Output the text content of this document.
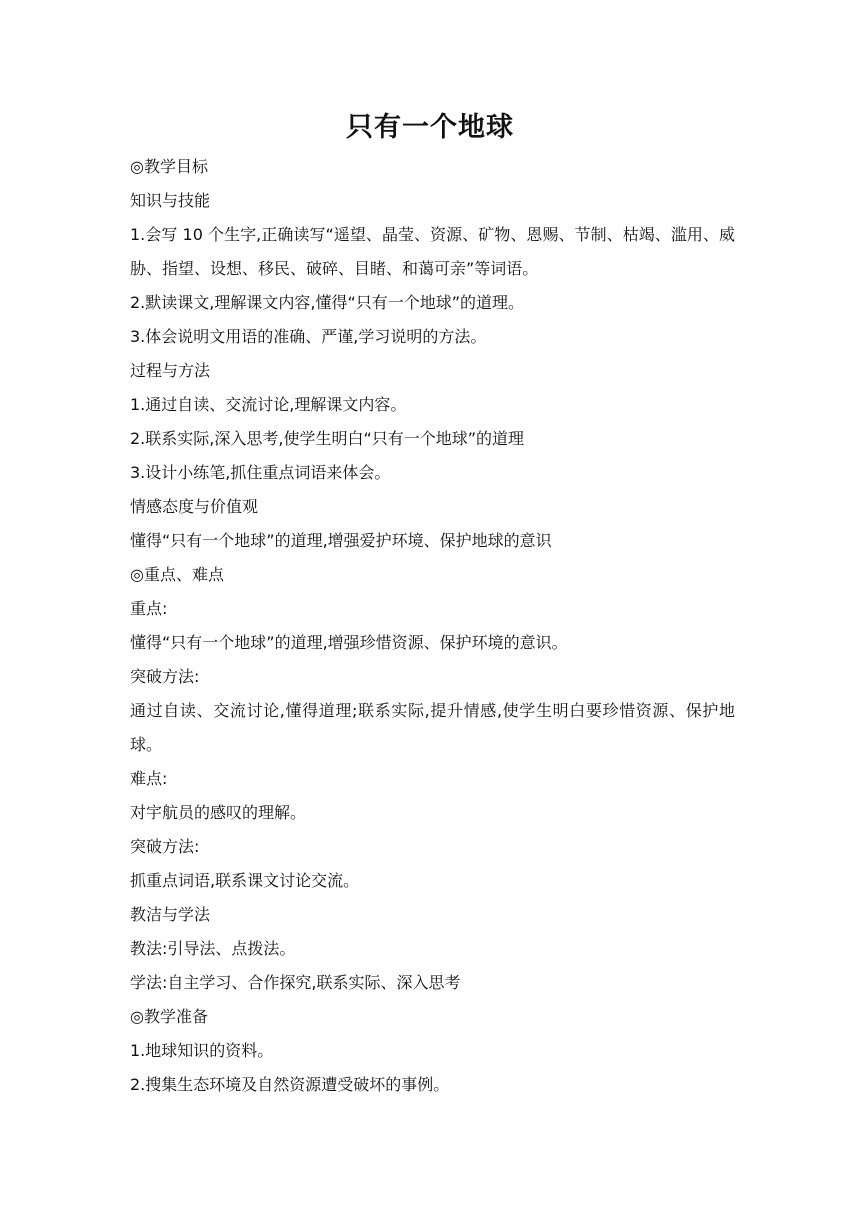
只有一个地球
◎教学目标
知识与技能
1.会写 10 个生字,正确读写“遥望、晶莹、资源、矿物、恩赐、节制、枯竭、滥用、威胁、指望、设想、移民、破碎、目睹、和蔼可亲”等词语。
2.默读课文,理解课文内容,懂得“只有一个地球”的道理。
3.体会说明文用语的准确、严谨,学习说明的方法。
过程与方法
1.通过自读、交流讨论,理解课文内容。
2.联系实际,深入思考,使学生明白“只有一个地球”的道理
3.设计小练笔,抓住重点词语来体会。
情感态度与价值观
懂得“只有一个地球”的道理,增强爱护环境、保护地球的意识
◎重点、难点
重点:
懂得“只有一个地球”的道理,增强珍惜资源、保护环境的意识。
突破方法:
通过自读、交流讨论,懂得道理;联系实际,提升情感,使学生明白要珍惜资源、保护地球。
难点:
对宇航员的感叹的理解。
突破方法:
抓重点词语,联系课文讨论交流。
教洁与学法
教法:引导法、点拨法。
学法:自主学习、合作探究,联系实际、深入思考
◎教学准备
1.地球知识的资料。
2.搜集生态环境及自然资源遭受破坏的事例。
